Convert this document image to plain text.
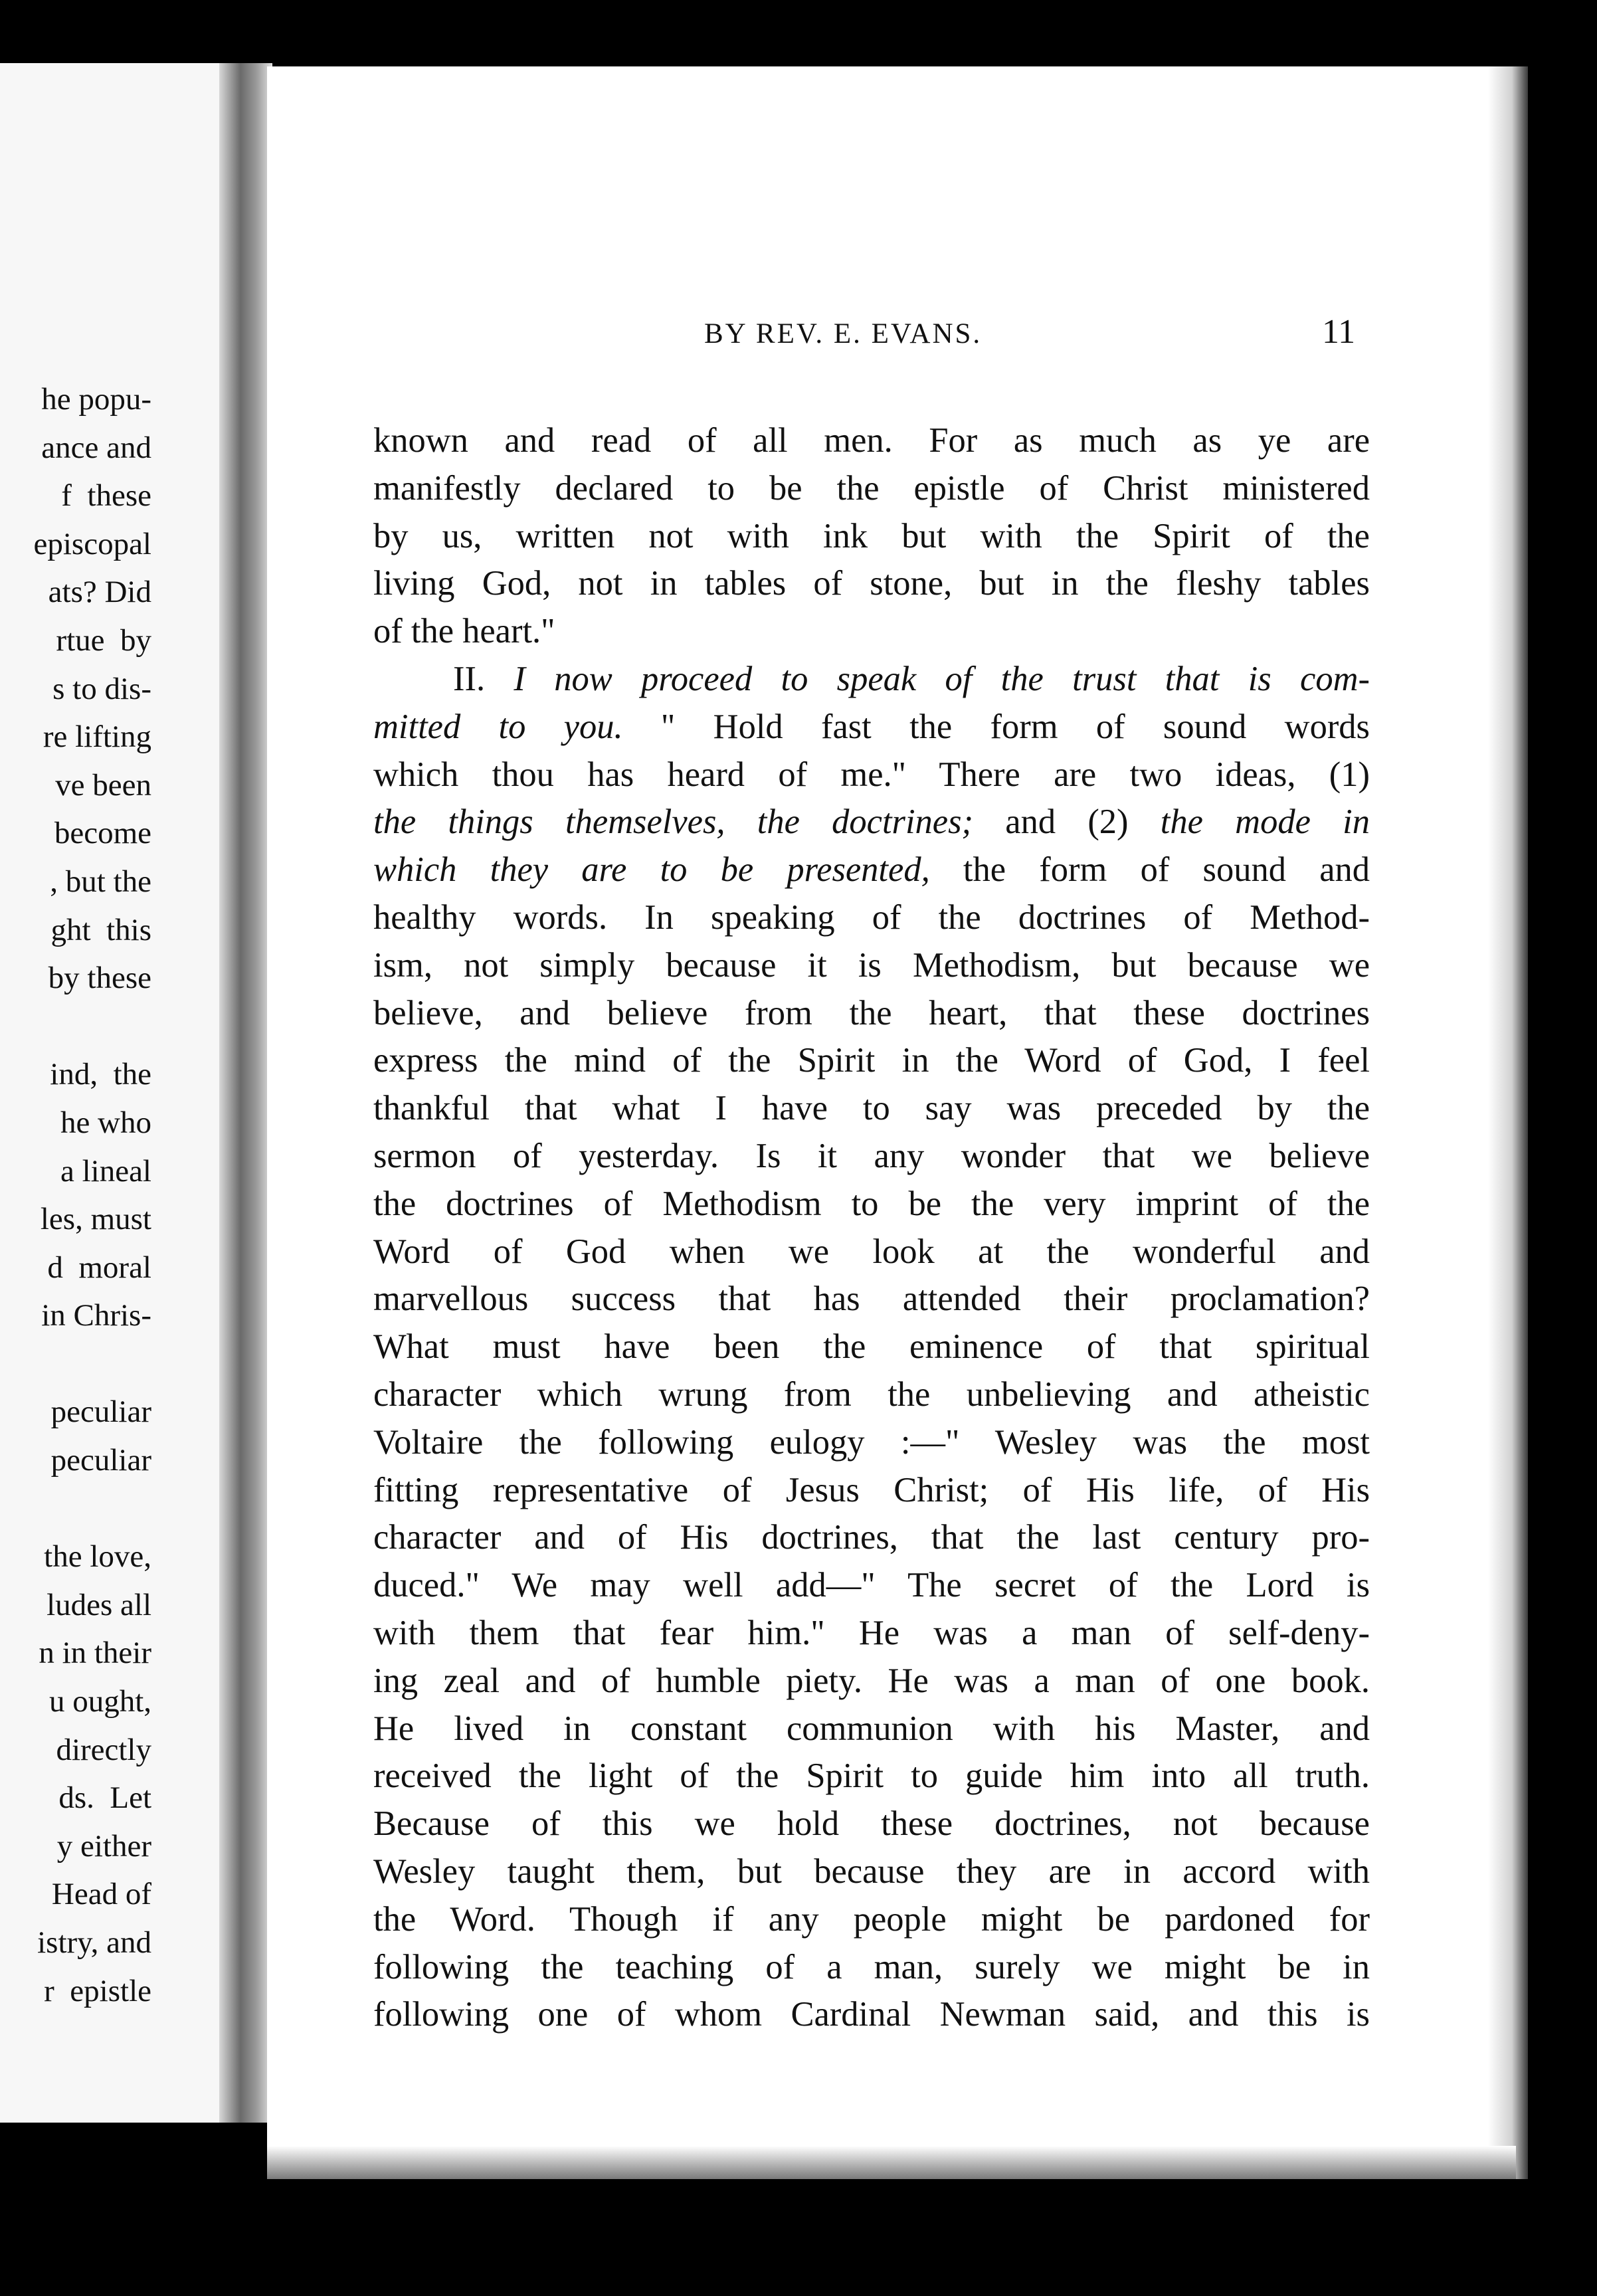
he popu-
ance and
f  these
episcopal
ats? Did
rtue  by
s to dis-
re lifting
ve been
become
, but the
ght  this
by these
ind,  the
he who
a lineal
les, must
d  moral
in Chris-
peculiar
peculiar
the love,
ludes all
n in their
u ought,
directly
ds.  Let
y either
Head of
istry, and
r  epistle
BY REV. E. EVANS.	11
known and read of all men. For as much as ye are
manifestly declared to be the epistle of Christ ministered
by us, written not with ink but with the Spirit of the
living God, not in tables of stone, but in the fleshy tables
of the heart."
II. I now proceed to speak of the trust that is com-
mitted to you. " Hold fast the form of sound words
which thou has heard of me." There are two ideas, (1)
the things themselves, the doctrines; and (2) the mode in
which they are to be presented, the form of sound and
healthy words. In speaking of the doctrines of Method-
ism, not simply because it is Methodism, but because we
believe, and believe from the heart, that these doctrines
express the mind of the Spirit in the Word of God, I feel
thankful that what I have to say was preceded by the
sermon of yesterday. Is it any wonder that we believe
the doctrines of Methodism to be the very imprint of the
Word of God when we look at the wonderful and
marvellous success that has attended their proclamation?
What must have been the eminence of that spiritual
character which wrung from the unbelieving and atheistic
Voltaire the following eulogy :—" Wesley was the most
fitting representative of Jesus Christ; of His life, of His
character and of His doctrines, that the last century pro-
duced." We may well add—" The secret of the Lord is
with them that fear him." He was a man of self-deny-
ing zeal and of humble piety. He was a man of one book.
He lived in constant communion with his Master, and
received the light of the Spirit to guide him into all truth.
Because of this we hold these doctrines, not because
Wesley taught them, but because they are in accord with
the Word. Though if any people might be pardoned for
following the teaching of a man, surely we might be in
following one of whom Cardinal Newman said, and this is
